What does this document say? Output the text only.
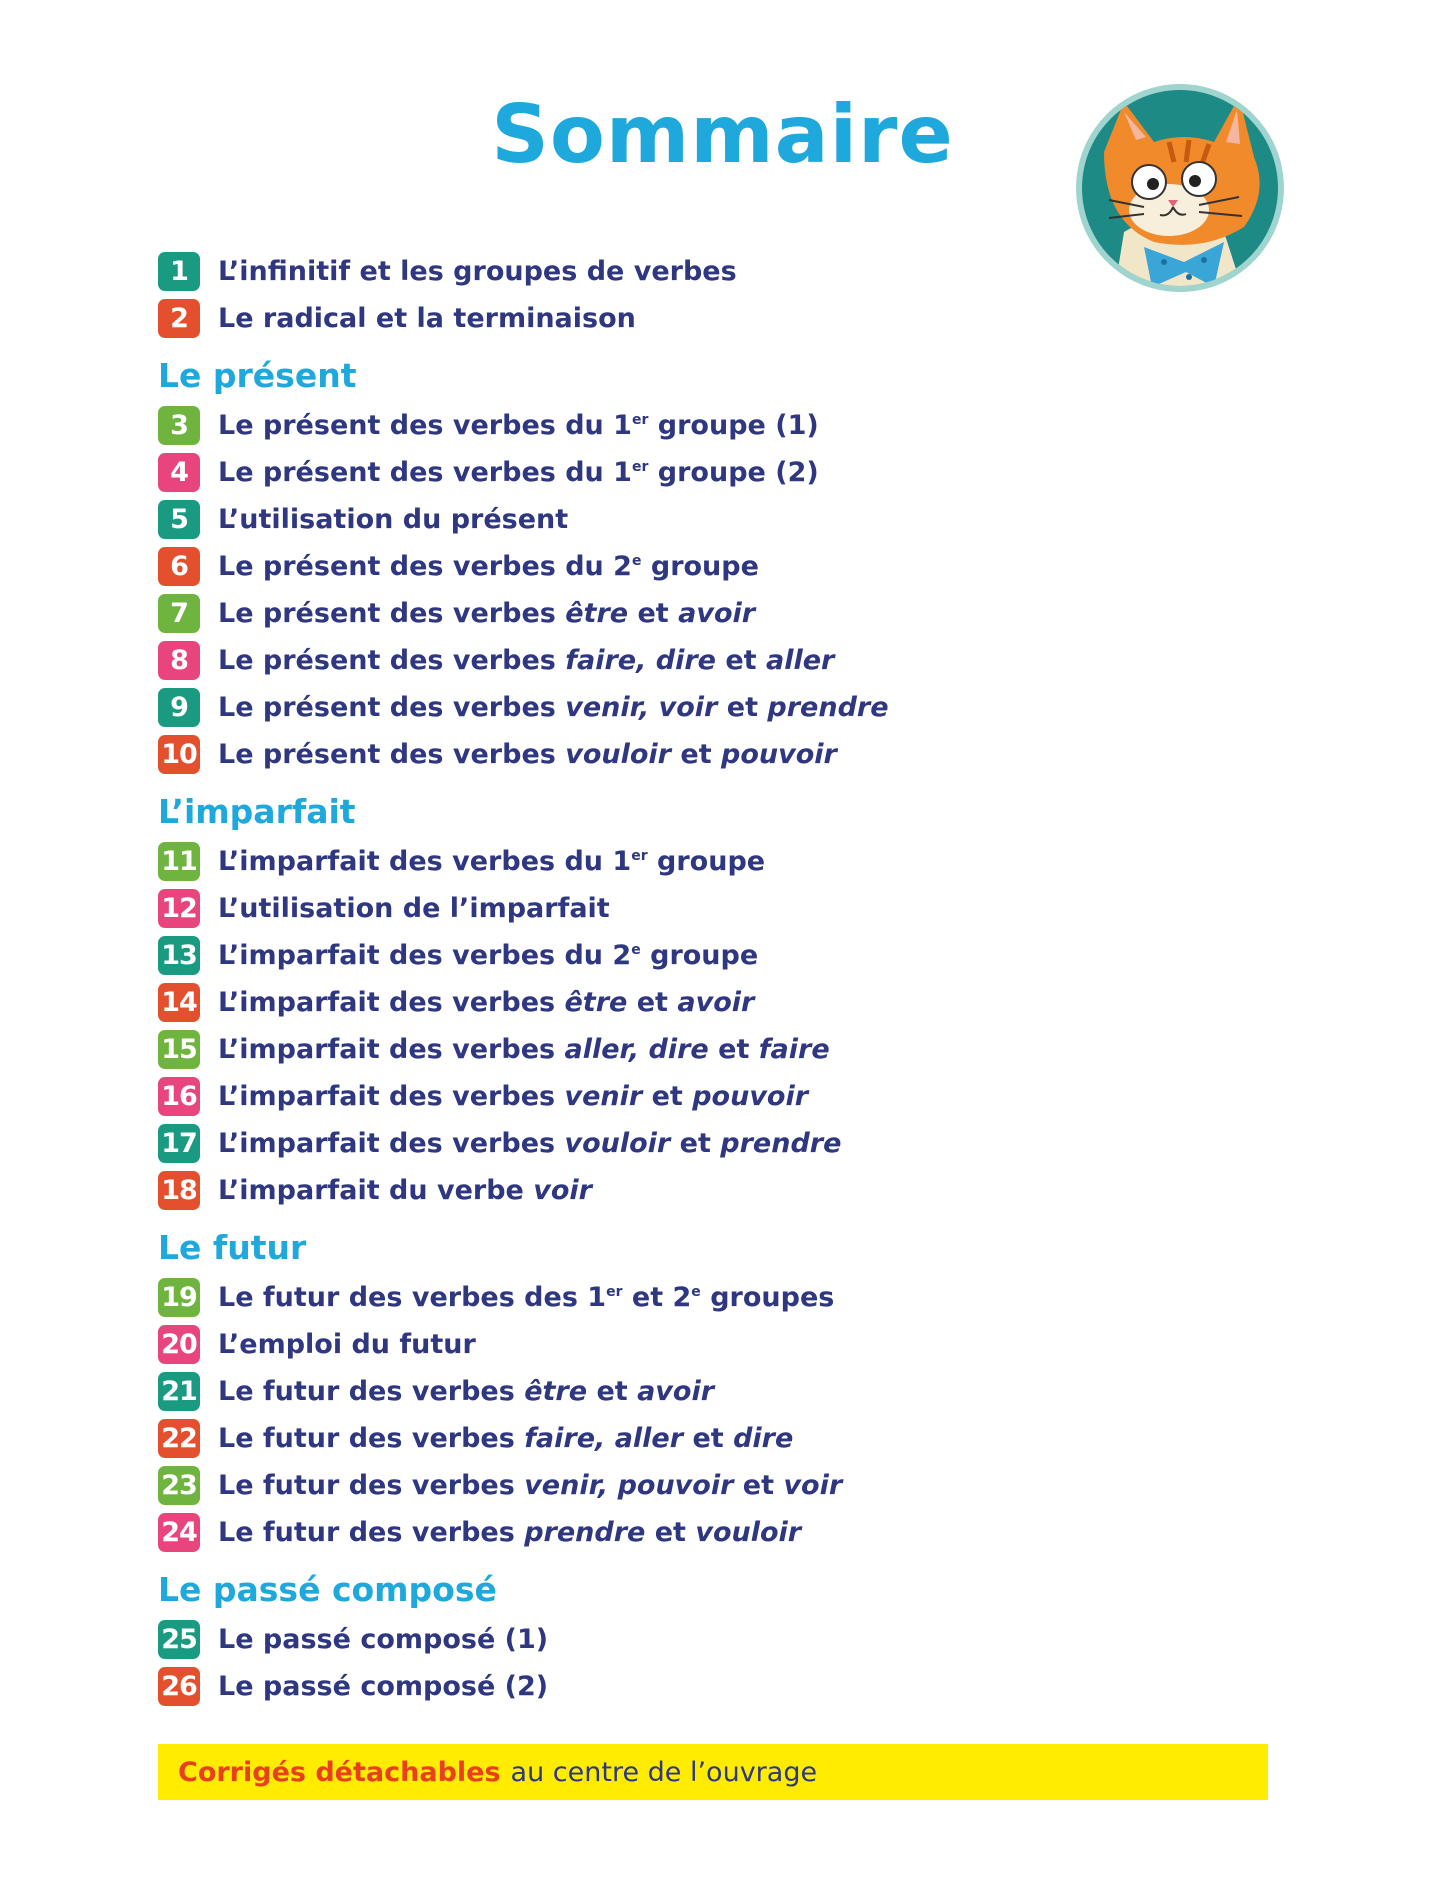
Sommaire
1	L’infinitif et les groupes de verbes
2	Le radical et la terminaison
Le présent
3	Le présent des verbes du 1er groupe (1)
4	Le présent des verbes du 1er groupe (2)
5	L’utilisation du présent
6	Le présent des verbes du 2e groupe
7	Le présent des verbes être et avoir
8	Le présent des verbes faire, dire et aller
9	Le présent des verbes venir, voir et prendre
10 Le présent des verbes vouloir et pouvoir
L’imparfait
11 L’imparfait des verbes du 1er groupe
12 L’utilisation de l’imparfait
13 L’imparfait des verbes du 2e groupe
14 L’imparfait des verbes être et avoir
15 L’imparfait des verbes aller, dire et faire
16 L’imparfait des verbes venir et pouvoir
17 L’imparfait des verbes vouloir et prendre
18 L’imparfait du verbe voir
Le futur
19 Le futur des verbes des 1er et 2e groupes
20 L’emploi du futur
21 Le futur des verbes être et avoir
22 Le futur des verbes faire, aller et dire
23 Le futur des verbes venir, pouvoir et voir
24 Le futur des verbes prendre et vouloir
Le passé composé
25 Le passé composé (1)
26 Le passé composé (2)
Corrigés détachables au centre de l’ouvrage
